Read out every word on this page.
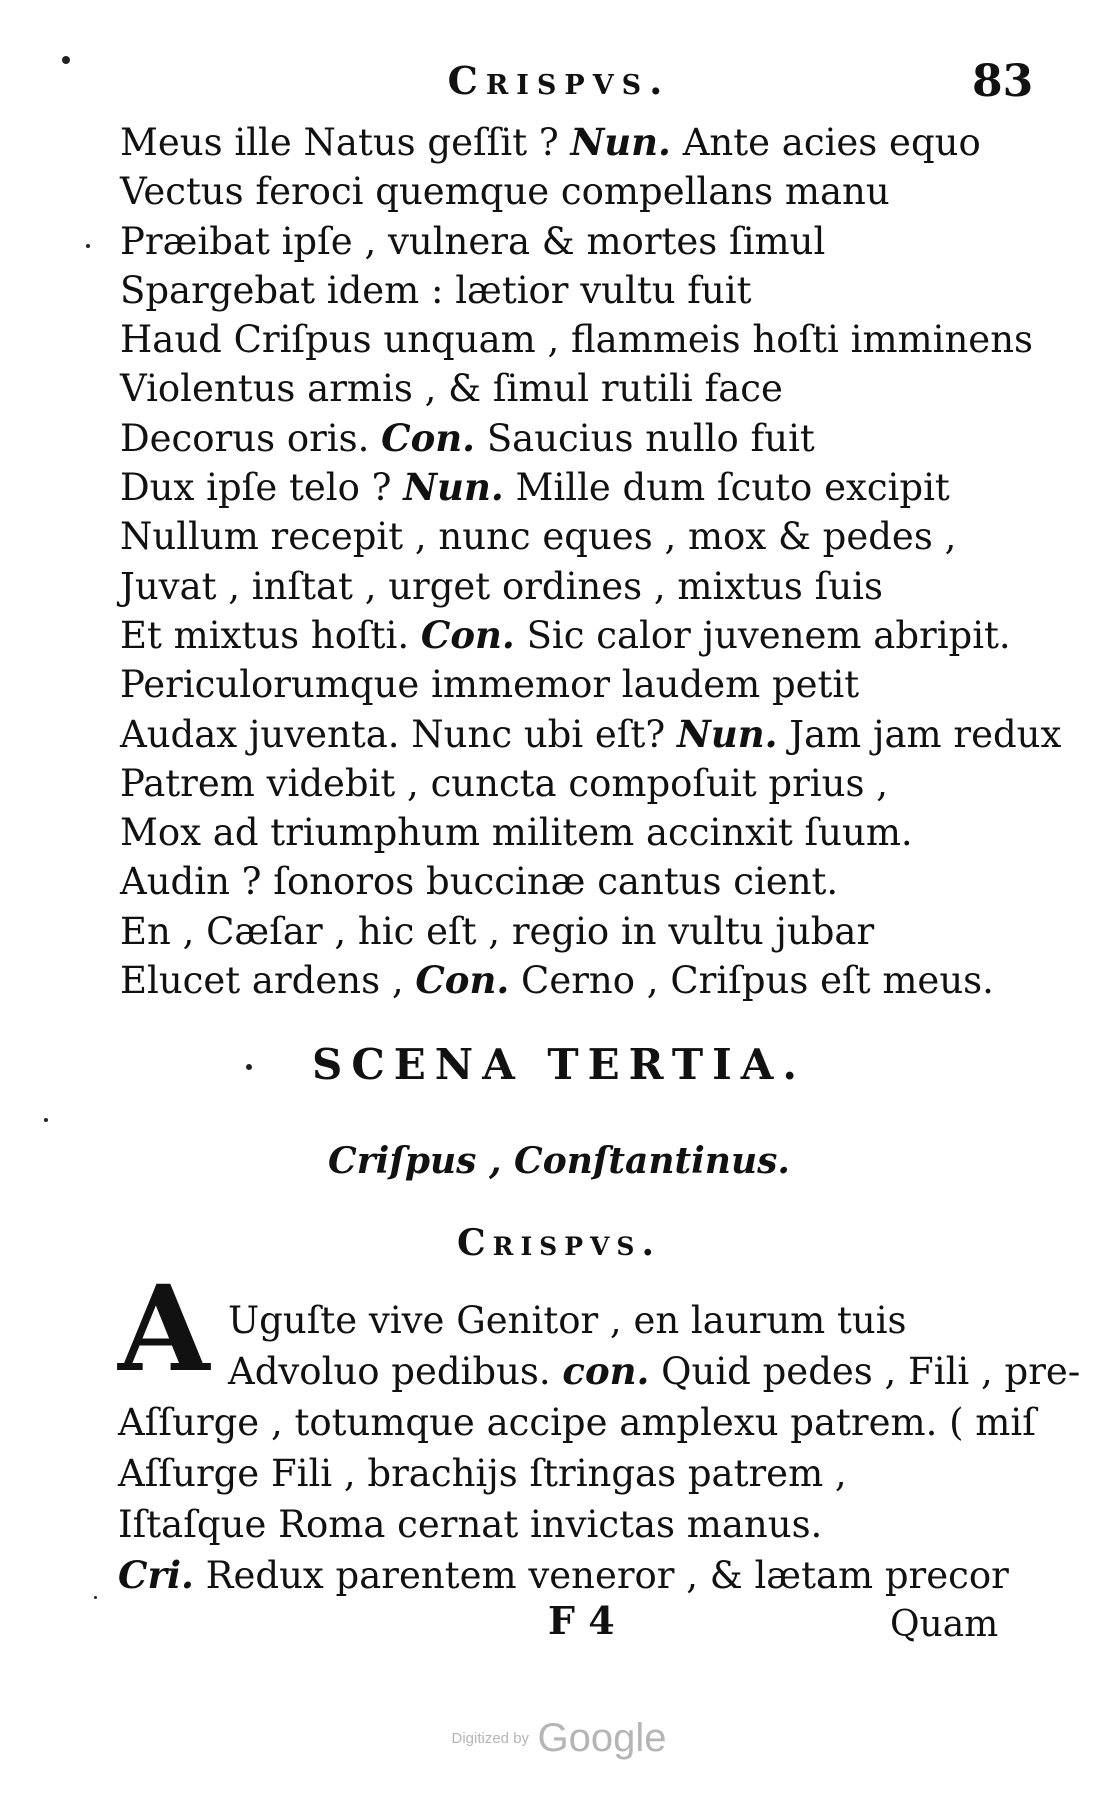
Crispvs.	83
Meus ille Natus geſſit ? Nun. Ante acies equo
Vectus feroci quemque compellans manu
Præibat ipſe , vulnera & mortes ſimul
Spargebat idem : lætior vultu fuit
Haud Criſpus unquam , flammeis hoſti imminens
Violentus armis , & ſimul rutili face
Decorus oris. Con. Saucius nullo fuit
Dux ipſe telo ? Nun. Mille dum ſcuto excipit
Nullum recepit , nunc eques , mox & pedes ,
Juvat , inſtat , urget ordines , mixtus ſuis
Et mixtus hoſti. Con. Sic calor juvenem abripit.
Periculorumque immemor laudem petit
Audax juventa. Nunc ubi eſt? Nun. Jam jam redux
Patrem videbit , cuncta compoſuit prius ,
Mox ad triumphum militem accinxit ſuum.
Audin ? ſonoros buccinæ cantus cient.
En , Cæſar , hic eſt , regio in vultu jubar
Elucet ardens , Con. Cerno , Criſpus eſt meus.
SCENA TERTIA.
Criſpus , Conſtantinus.
Crispvs.
A Uguſte vive Genitor , en laurum tuis
Advoluo pedibus. con. Quid pedes , Fili , pre-
Aſſurge , totumque accipe amplexu patrem. ( miſ
Aſſurge Fili , brachijs ſtringas patrem ,
Iſtaſque Roma cernat invictas manus.
Cri. Redux parentem veneror , & lætam precor
F 4	Quam
Digitized by Google
